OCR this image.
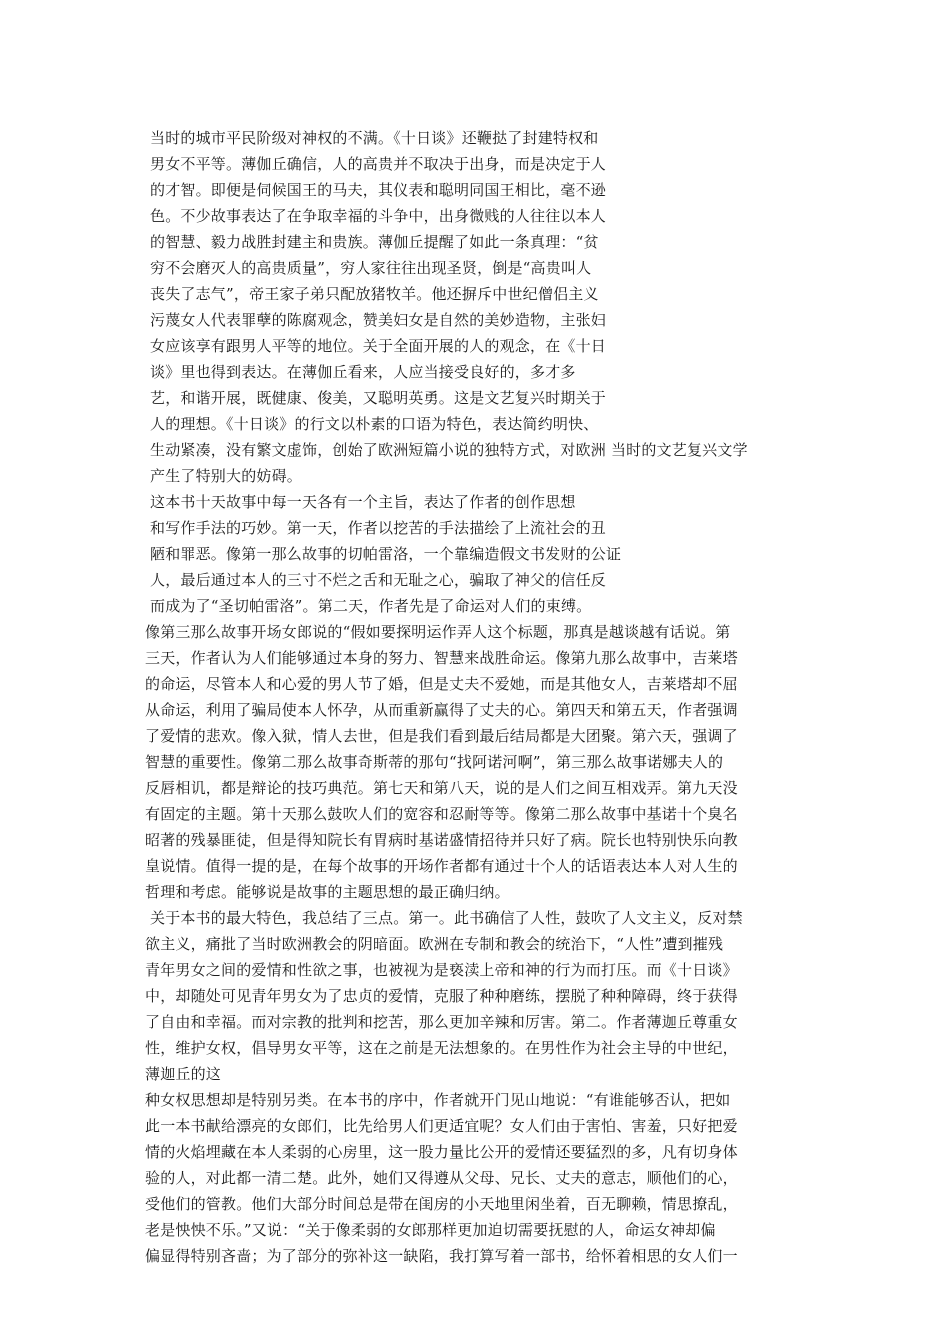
当时的城市平民阶级对神权的不满。《十日谈》还鞭挞了封建特权和
男女不平等。薄伽丘确信，人的高贵并不取决于出身，而是决定于人
的才智。即便是伺候国王的马夫，其仪表和聪明同国王相比，毫不逊
色。不少故事表达了在争取幸福的斗争中，出身微贱的人往往以本人
的智慧、毅力战胜封建主和贵族。薄伽丘提醒了如此一条真理：“贫
穷不会磨灭人的高贵质量”，穷人家往往出现圣贤，倒是“高贵叫人
丧失了志气”，帝王家子弟只配放猪牧羊。他还摒斥中世纪僧侣主义
污蔑女人代表罪孽的陈腐观念，赞美妇女是自然的美妙造物，主张妇
女应该享有跟男人平等的地位。关于全面开展的人的观念，在《十日
谈》里也得到表达。在薄伽丘看来，人应当接受良好的，多才多
艺，和谐开展，既健康、俊美，又聪明英勇。这是文艺复兴时期关于
人的理想。《十日谈》的行文以朴素的口语为特色，表达简约明快、
生动紧凑，没有繁文虚饰，创始了欧洲短篇小说的独特方式，对欧洲 当时的文艺复兴文学
产生了特别大的妨碍。
这本书十天故事中每一天各有一个主旨，表达了作者的创作思想
和写作手法的巧妙。第一天，作者以挖苦的手法描绘了上流社会的丑
陋和罪恶。像第一那么故事的切帕雷洛，一个靠编造假文书发财的公证
人，最后通过本人的三寸不烂之舌和无耻之心，骗取了神父的信任反
而成为了“圣切帕雷洛”。第二天，作者先是了命运对人们的束缚。
像第三那么故事开场女郎说的“假如要探明运作弄人这个标题，那真是越谈越有话说。第
三天，作者认为人们能够通过本身的努力、智慧来战胜命运。像第九那么故事中，吉莱塔
的命运，尽管本人和心爱的男人节了婚，但是丈夫不爱她，而是其他女人，吉莱塔却不屈
从命运，利用了骗局使本人怀孕，从而重新赢得了丈夫的心。第四天和第五天，作者强调
了爱情的悲欢。像入狱，情人去世，但是我们看到最后结局都是大团聚。第六天，强调了
智慧的重要性。像第二那么故事奇斯蒂的那句“找阿诺河啊”，第三那么故事诺娜夫人的
反唇相讥，都是辩论的技巧典范。第七天和第八天，说的是人们之间互相戏弄。第九天没
有固定的主题。第十天那么鼓吹人们的宽容和忍耐等等。像第二那么故事中基诺十个臭名
昭著的残暴匪徒，但是得知院长有胃病时基诺盛情招待并只好了病。院长也特别快乐向教
皇说情。值得一提的是，在每个故事的开场作者都有通过十个人的话语表达本人对人生的
哲理和考虑。能够说是故事的主题思想的最正确归纳。
关于本书的最大特色，我总结了三点。第一。此书确信了人性，鼓吹了人文主义，反对禁
欲主义，痛批了当时欧洲教会的阴暗面。欧洲在专制和教会的统治下，“人性”遭到摧残
青年男女之间的爱情和性欲之事，也被视为是亵渎上帝和神的行为而打压。而《十日谈》
中，却随处可见青年男女为了忠贞的爱情，克服了种种磨练，摆脱了种种障碍，终于获得
了自由和幸福。而对宗教的批判和挖苦，那么更加辛辣和厉害。第二。作者薄迦丘尊重女
性，维护女权，倡导男女平等，这在之前是无法想象的。在男性作为社会主导的中世纪，
薄迦丘的这
种女权思想却是特别另类。在本书的序中，作者就开门见山地说：“有谁能够否认，把如
此一本书献给漂亮的女郎们，比先给男人们更适宜呢？女人们由于害怕、害羞，只好把爱
情的火焰埋藏在本人柔弱的心房里，这一股力量比公开的爱情还要猛烈的多，凡有切身体
验的人，对此都一清二楚。此外，她们又得遵从父母、兄长、丈夫的意志，顺他们的心，
受他们的管教。他们大部分时间总是带在闺房的小天地里闲坐着，百无聊赖，情思撩乱，
老是怏怏不乐。”又说：“关于像柔弱的女郎那样更加迫切需要抚慰的人，命运女神却偏
偏显得特别吝啬；为了部分的弥补这一缺陷，我打算写着一部书，给怀着相思的女人们一
